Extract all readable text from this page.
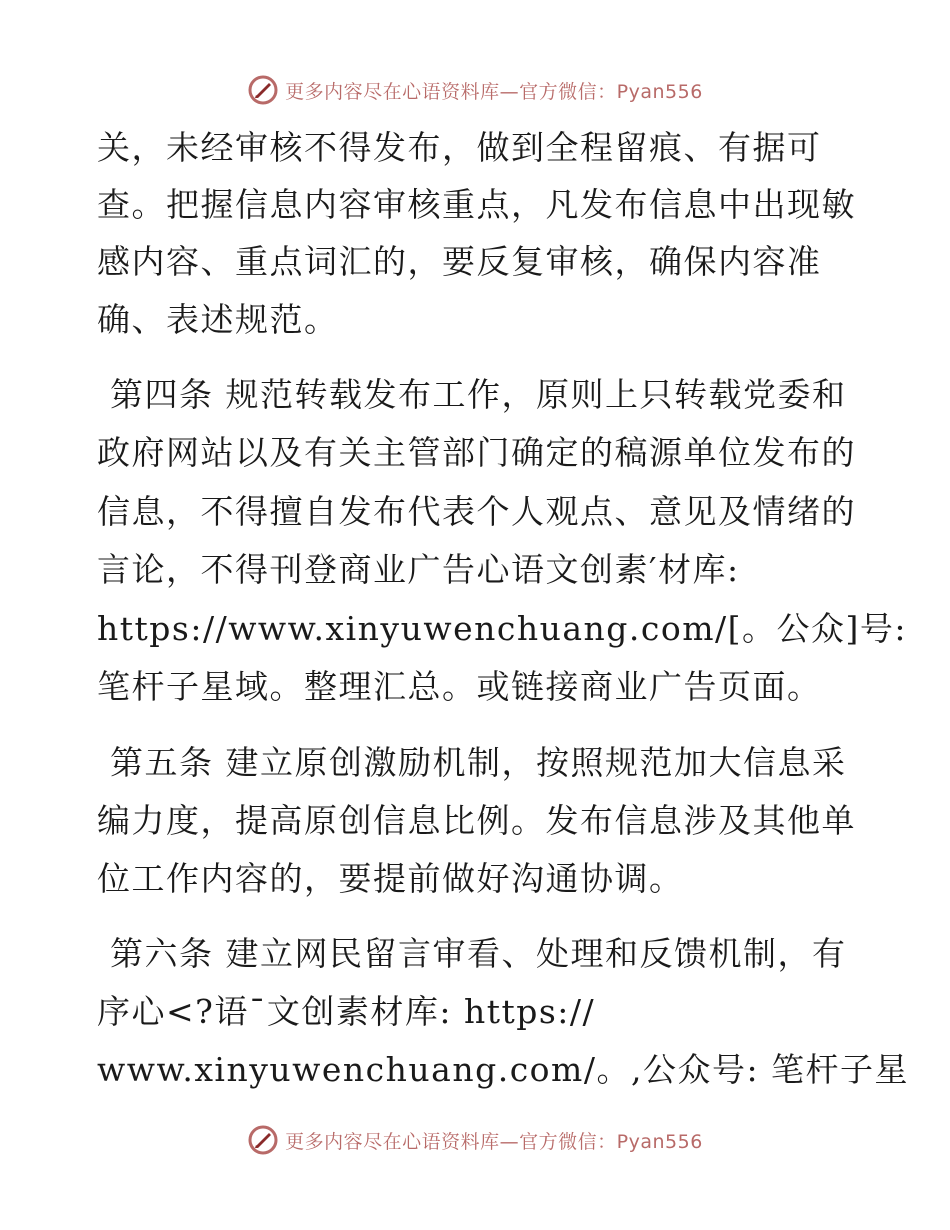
更多内容尽在心语资料库—官方微信：Pyan556
关，未经审核不得发布，做到全程留痕、有据可
查。把握信息内容审核重点，凡发布信息中出现敏
感内容、重点词汇的，要反复审核，确保内容准
确、表述规范。
第四条 规范转载发布工作，原则上只转载党委和
政府网站以及有关主管部门确定的稿源单位发布的
信息，不得擅自发布代表个人观点、意见及情绪的
言论，不得刊登商业广告心语文创素′材库:
https://www.xinyuwenchuang.com/[。公众]号:
笔杆子星域。整理汇总。或链接商业广告页面。
第五条 建立原创激励机制，按照规范加大信息采
编力度，提高原创信息比例。发布信息涉及其他单
位工作内容的，要提前做好沟通协调。
第六条 建立网民留言审看、处理和反馈机制，有
序心<?语¯文创素材库: https://
www.xinyuwenchuang.com/。,公众号: 笔杆子星
更多内容尽在心语资料库—官方微信：Pyan556
